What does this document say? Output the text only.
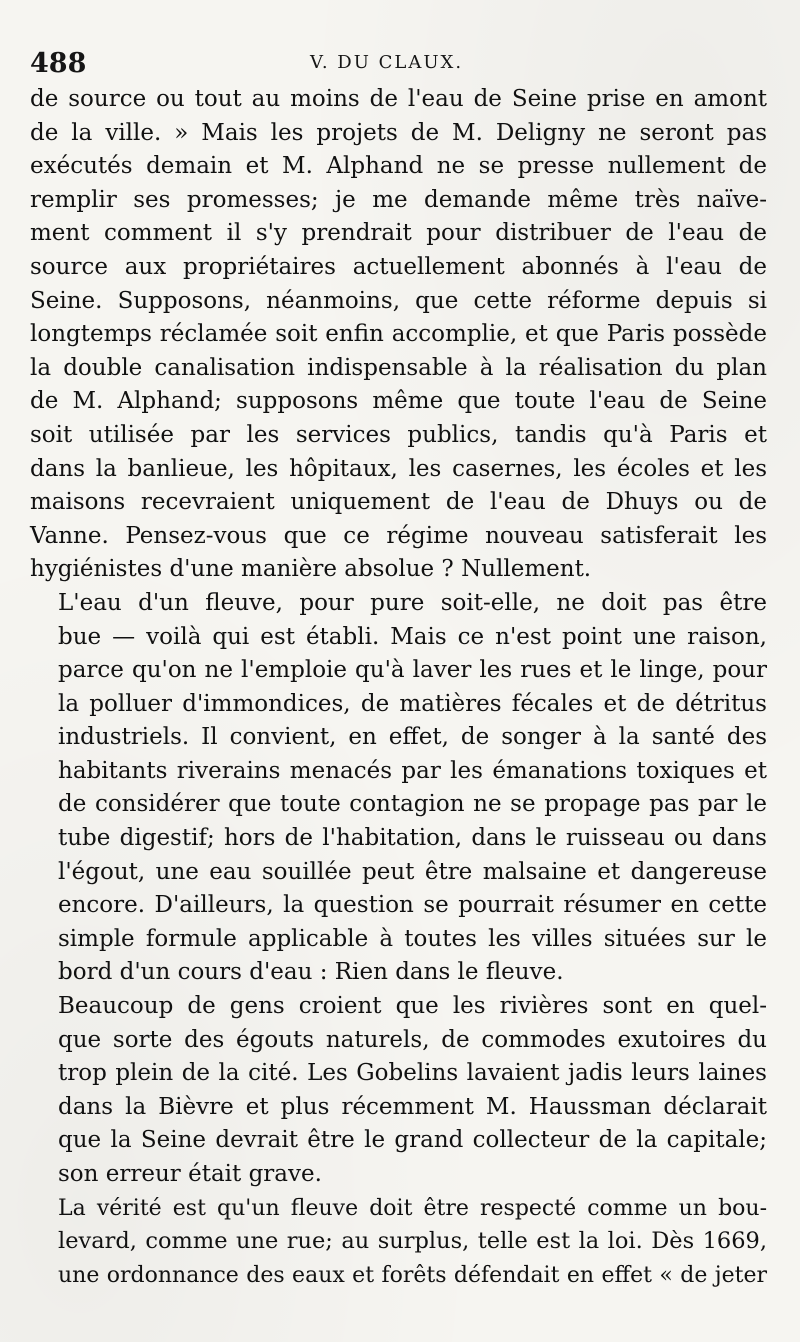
488	V. DU CLAUX.

de source ou tout au moins de l'eau de Seine prise en amont
de la ville. » Mais les projets de M. Deligny ne seront pas
exécutés demain et M. Alphand ne se presse nullement de
remplir ses promesses; je me demande même très naïve-
ment comment il s'y prendrait pour distribuer de l'eau de
source aux propriétaires actuellement abonnés à l'eau de
Seine. Supposons, néanmoins, que cette réforme depuis si
longtemps réclamée soit enfin accomplie, et que Paris possède
la double canalisation indispensable à la réalisation du plan
de M. Alphand; supposons même que toute l'eau de Seine
soit utilisée par les services publics, tandis qu'à Paris et
dans la banlieue, les hôpitaux, les casernes, les écoles et les
maisons recevraient uniquement de l'eau de Dhuys ou de
Vanne. Pensez-vous que ce régime nouveau satisferait les
hygiénistes d'une manière absolue ? Nullement.

L'eau d'un fleuve, pour pure soit-elle, ne doit pas être
bue — voilà qui est établi. Mais ce n'est point une raison,
parce qu'on ne l'emploie qu'à laver les rues et le linge, pour
la polluer d'immondices, de matières fécales et de détritus
industriels. Il convient, en effet, de songer à la santé des
habitants riverains menacés par les émanations toxiques et
de considérer que toute contagion ne se propage pas par le
tube digestif; hors de l'habitation, dans le ruisseau ou dans
l'égout, une eau souillée peut être malsaine et dangereuse
encore. D'ailleurs, la question se pourrait résumer en cette
simple formule applicable à toutes les villes situées sur le
bord d'un cours d'eau : Rien dans le fleuve.

Beaucoup de gens croient que les rivières sont en quel-
que sorte des égouts naturels, de commodes exutoires du
trop plein de la cité. Les Gobelins lavaient jadis leurs laines
dans la Bièvre et plus récemment M. Haussman déclarait
que la Seine devrait être le grand collecteur de la capitale;
son erreur était grave.

La vérité est qu'un fleuve doit être respecté comme un bou-
levard, comme une rue; au surplus, telle est la loi. Dès 1669,
une ordonnance des eaux et forêts défendait en effet « de jeter
